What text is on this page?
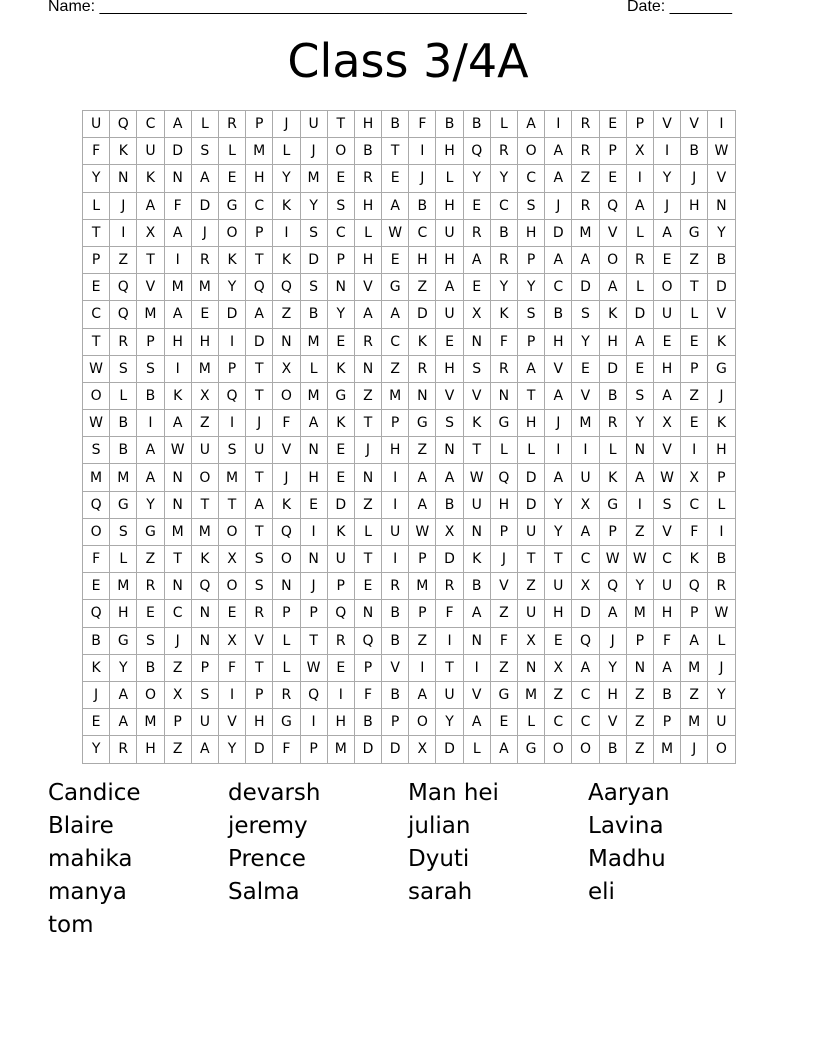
Name: ________________________________________________	Date: _______
Class 3/4A
U	Q	C	A	L	R	P	J	U	T	H	B	F	B	B	L	A	I	R	E	P	V	V	I
F	K	U	D	S	L	M	L	J	O	B	T	I	H	Q	R	O	A	R	P	X	I	B	W
Y	N	K	N	A	E	H	Y	M	E	R	E	J	L	Y	Y	C	A	Z	E	I	Y	J	V
L	J	A	F	D	G	C	K	Y	S	H	A	B	H	E	C	S	J	R	Q	A	J	H	N
T	I	X	A	J	O	P	I	S	C	L	W	C	U	R	B	H	D	M	V	L	A	G	Y
P	Z	T	I	R	K	T	K	D	P	H	E	H	H	A	R	P	A	A	O	R	E	Z	B
E	Q	V	M	M	Y	Q	Q	S	N	V	G	Z	A	E	Y	Y	C	D	A	L	O	T	D
C	Q	M	A	E	D	A	Z	B	Y	A	A	D	U	X	K	S	B	S	K	D	U	L	V
T	R	P	H	H	I	D	N	M	E	R	C	K	E	N	F	P	H	Y	H	A	E	E	K
W	S	S	I	M	P	T	X	L	K	N	Z	R	H	S	R	A	V	E	D	E	H	P	G
O	L	B	K	X	Q	T	O	M	G	Z	M	N	V	V	N	T	A	V	B	S	A	Z	J
W	B	I	A	Z	I	J	F	A	K	T	P	G	S	K	G	H	J	M	R	Y	X	E	K
S	B	A	W	U	S	U	V	N	E	J	H	Z	N	T	L	L	I	I	L	N	V	I	H
M	M	A	N	O	M	T	J	H	E	N	I	A	A	W	Q	D	A	U	K	A	W	X	P
Q	G	Y	N	T	T	A	K	E	D	Z	I	A	B	U	H	D	Y	X	G	I	S	C	L
O	S	G	M	M	O	T	Q	I	K	L	U	W	X	N	P	U	Y	A	P	Z	V	F	I
F	L	Z	T	K	X	S	O	N	U	T	I	P	D	K	J	T	T	C	W	W	C	K	B
E	M	R	N	Q	O	S	N	J	P	E	R	M	R	B	V	Z	U	X	Q	Y	U	Q	R
Q	H	E	C	N	E	R	P	P	Q	N	B	P	F	A	Z	U	H	D	A	M	H	P	W
B	G	S	J	N	X	V	L	T	R	Q	B	Z	I	N	F	X	E	Q	J	P	F	A	L
K	Y	B	Z	P	F	T	L	W	E	P	V	I	T	I	Z	N	X	A	Y	N	A	M	J
J	A	O	X	S	I	P	R	Q	I	F	B	A	U	V	G	M	Z	C	H	Z	B	Z	Y
E	A	M	P	U	V	H	G	I	H	B	P	O	Y	A	E	L	C	C	V	Z	P	M	U
Y	R	H	Z	A	Y	D	F	P	M	D	D	X	D	L	A	G	O	O	B	Z	M	J	O
Candice	devarsh	Man hei	Aaryan
Blaire	jeremy	julian	Lavina
mahika	Prence	Dyuti	Madhu
manya	Salma	sarah	eli
tom
